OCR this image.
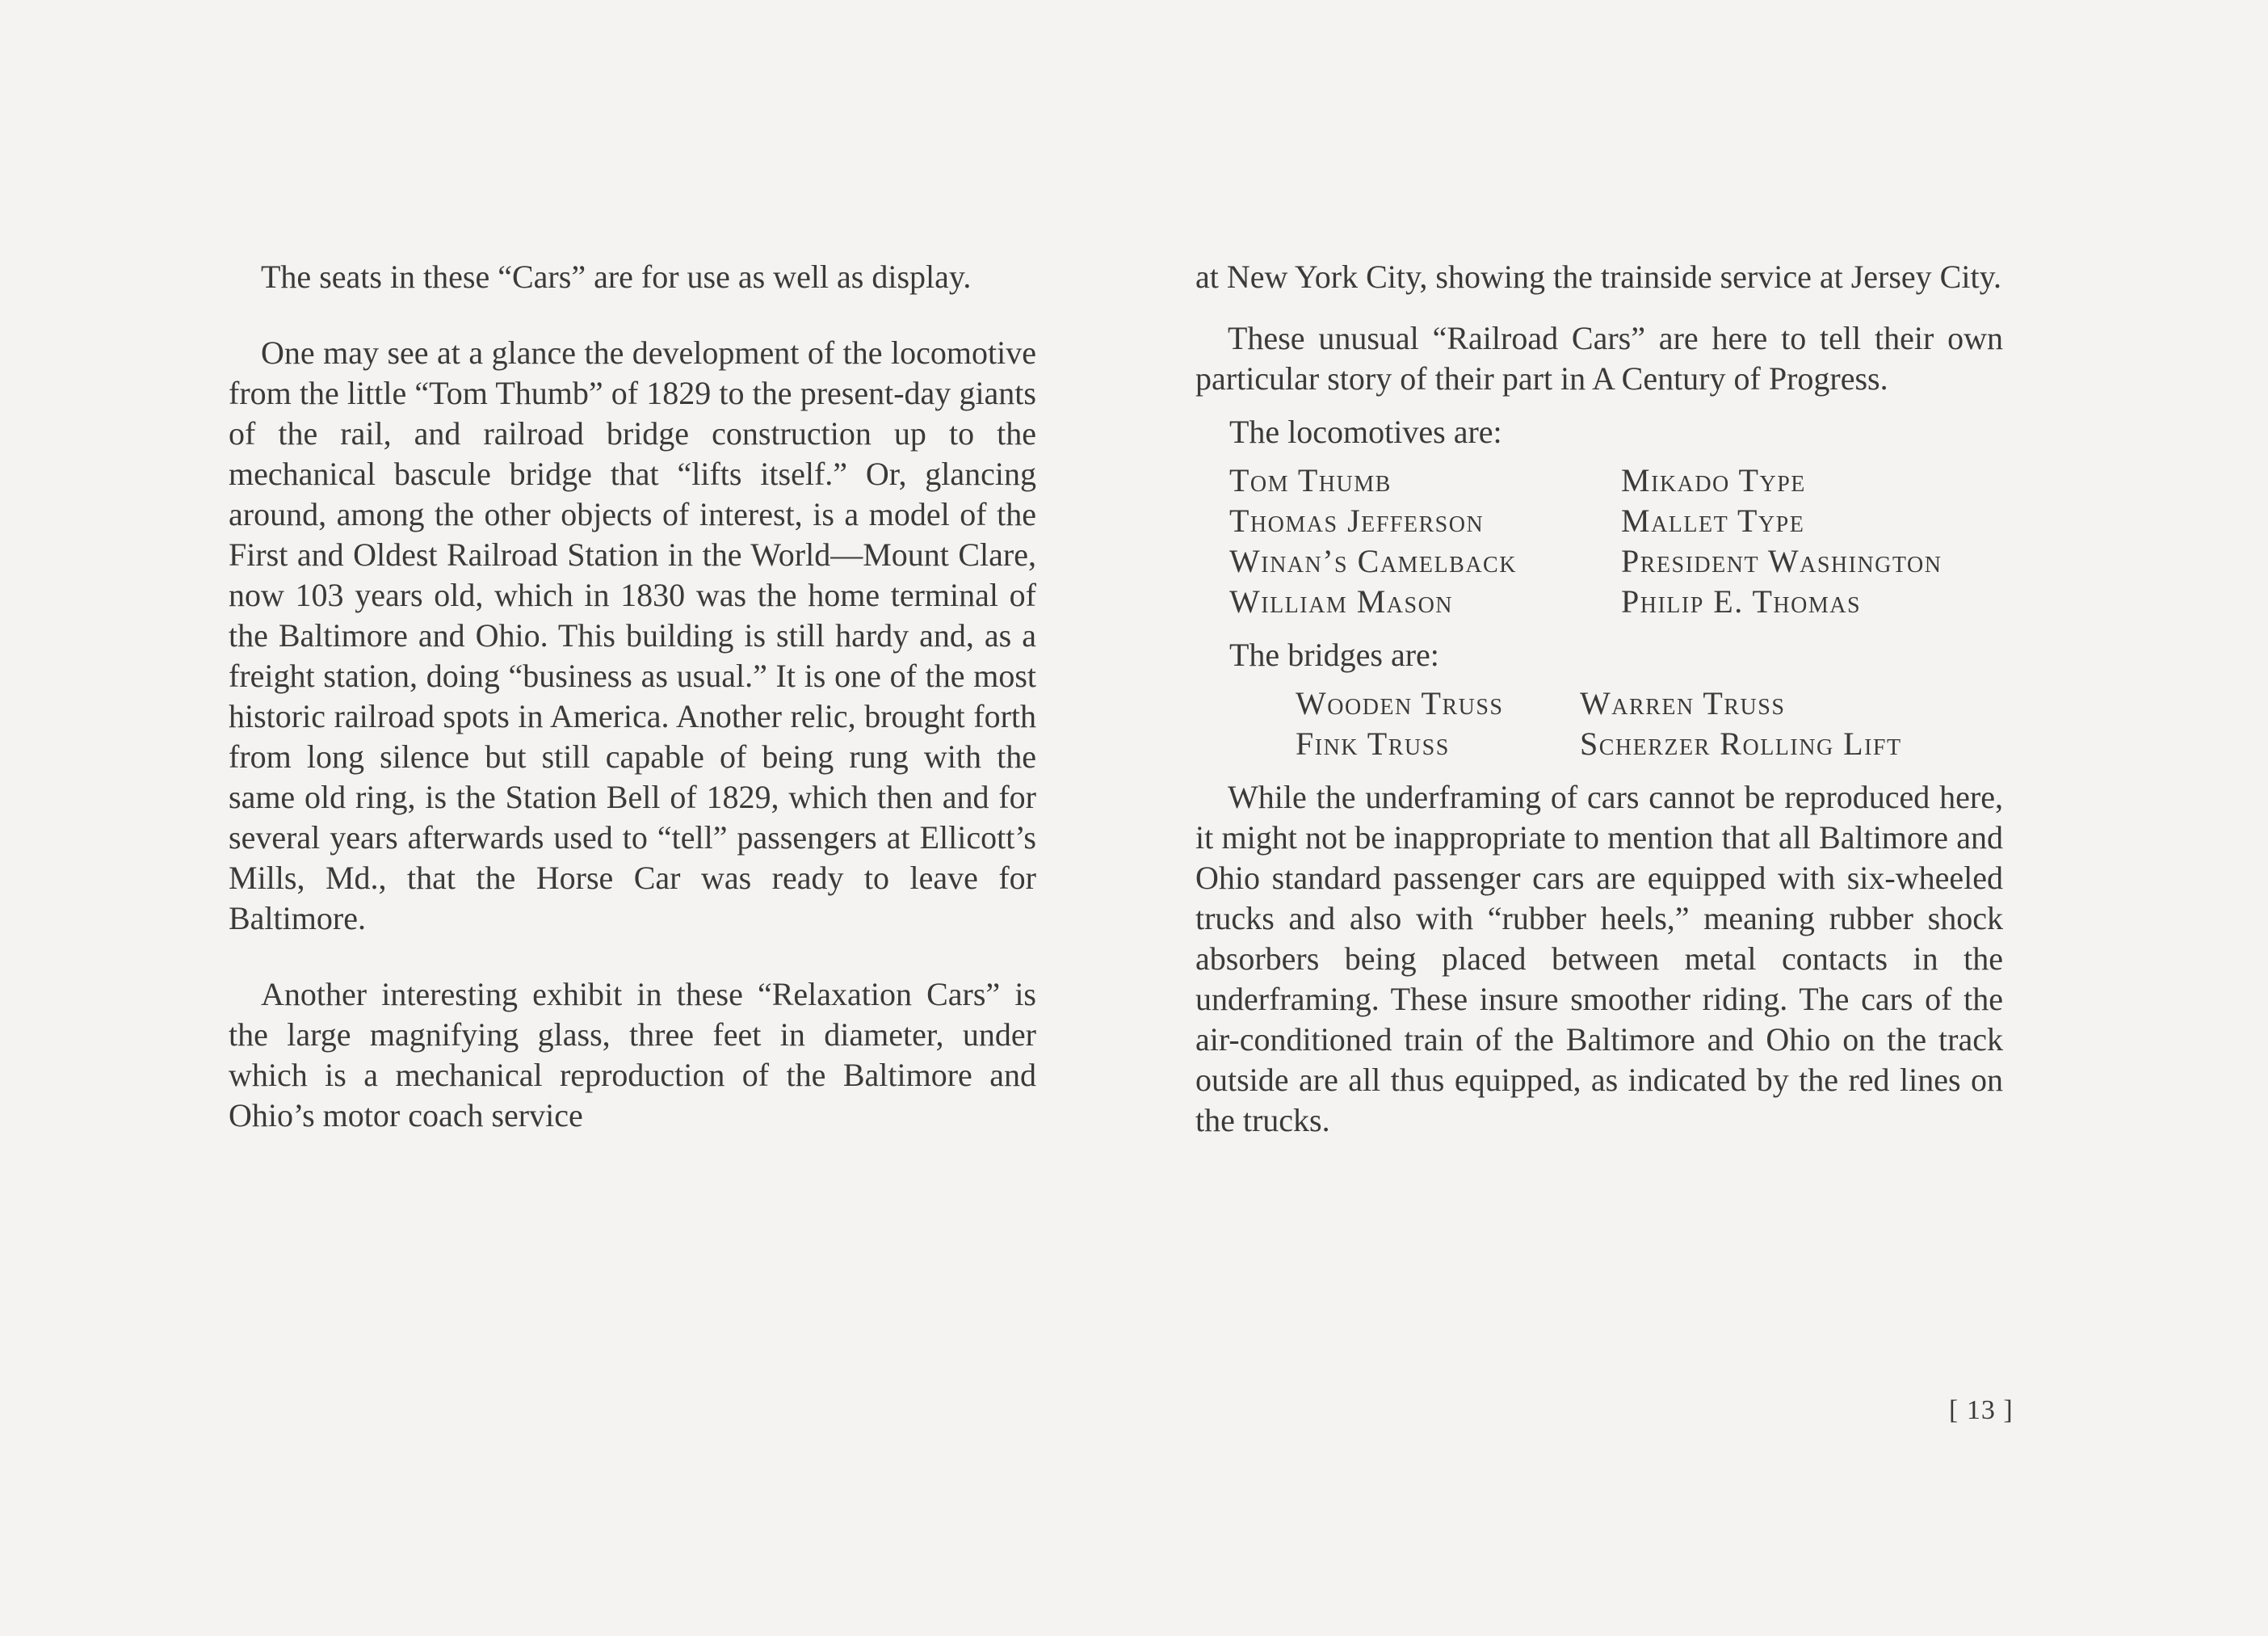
The seats in these “Cars” are for use as well as display.

One may see at a glance the development of the locomotive from the little “Tom Thumb” of 1829 to the present-day giants of the rail, and railroad bridge construction up to the mechanical bascule bridge that “lifts itself.” Or, glancing around, among the other objects of interest, is a model of the First and Oldest Railroad Station in the World—Mount Clare, now 103 years old, which in 1830 was the home terminal of the Baltimore and Ohio. This building is still hardy and, as a freight station, doing “business as usual.” It is one of the most historic railroad spots in America. Another relic, brought forth from long silence but still capable of being rung with the same old ring, is the Station Bell of 1829, which then and for several years afterwards used to “tell” passengers at Ellicott’s Mills, Md., that the Horse Car was ready to leave for Baltimore.

Another interesting exhibit in these “Relaxation Cars” is the large magnifying glass, three feet in diameter, under which is a mechanical reproduction of the Baltimore and Ohio’s motor coach service

at New York City, showing the trainside service at Jersey City.

These unusual “Railroad Cars” are here to tell their own particular story of their part in A Century of Progress.

The locomotives are:

Tom Thumb	Mikado Type
Thomas Jefferson	Mallet Type
Winan’s Camelback	President Washington
William Mason	Philip E. Thomas

The bridges are:

Wooden Truss	Warren Truss
Fink Truss	Scherzer Rolling Lift

While the underframing of cars cannot be reproduced here, it might not be inappropriate to mention that all Baltimore and Ohio standard passenger cars are equipped with six-wheeled trucks and also with “rubber heels,” meaning rubber shock absorbers being placed between metal contacts in the underframing. These insure smoother riding. The cars of the air-conditioned train of the Baltimore and Ohio on the track outside are all thus equipped, as indicated by the red lines on the trucks.

[ 13 ]
